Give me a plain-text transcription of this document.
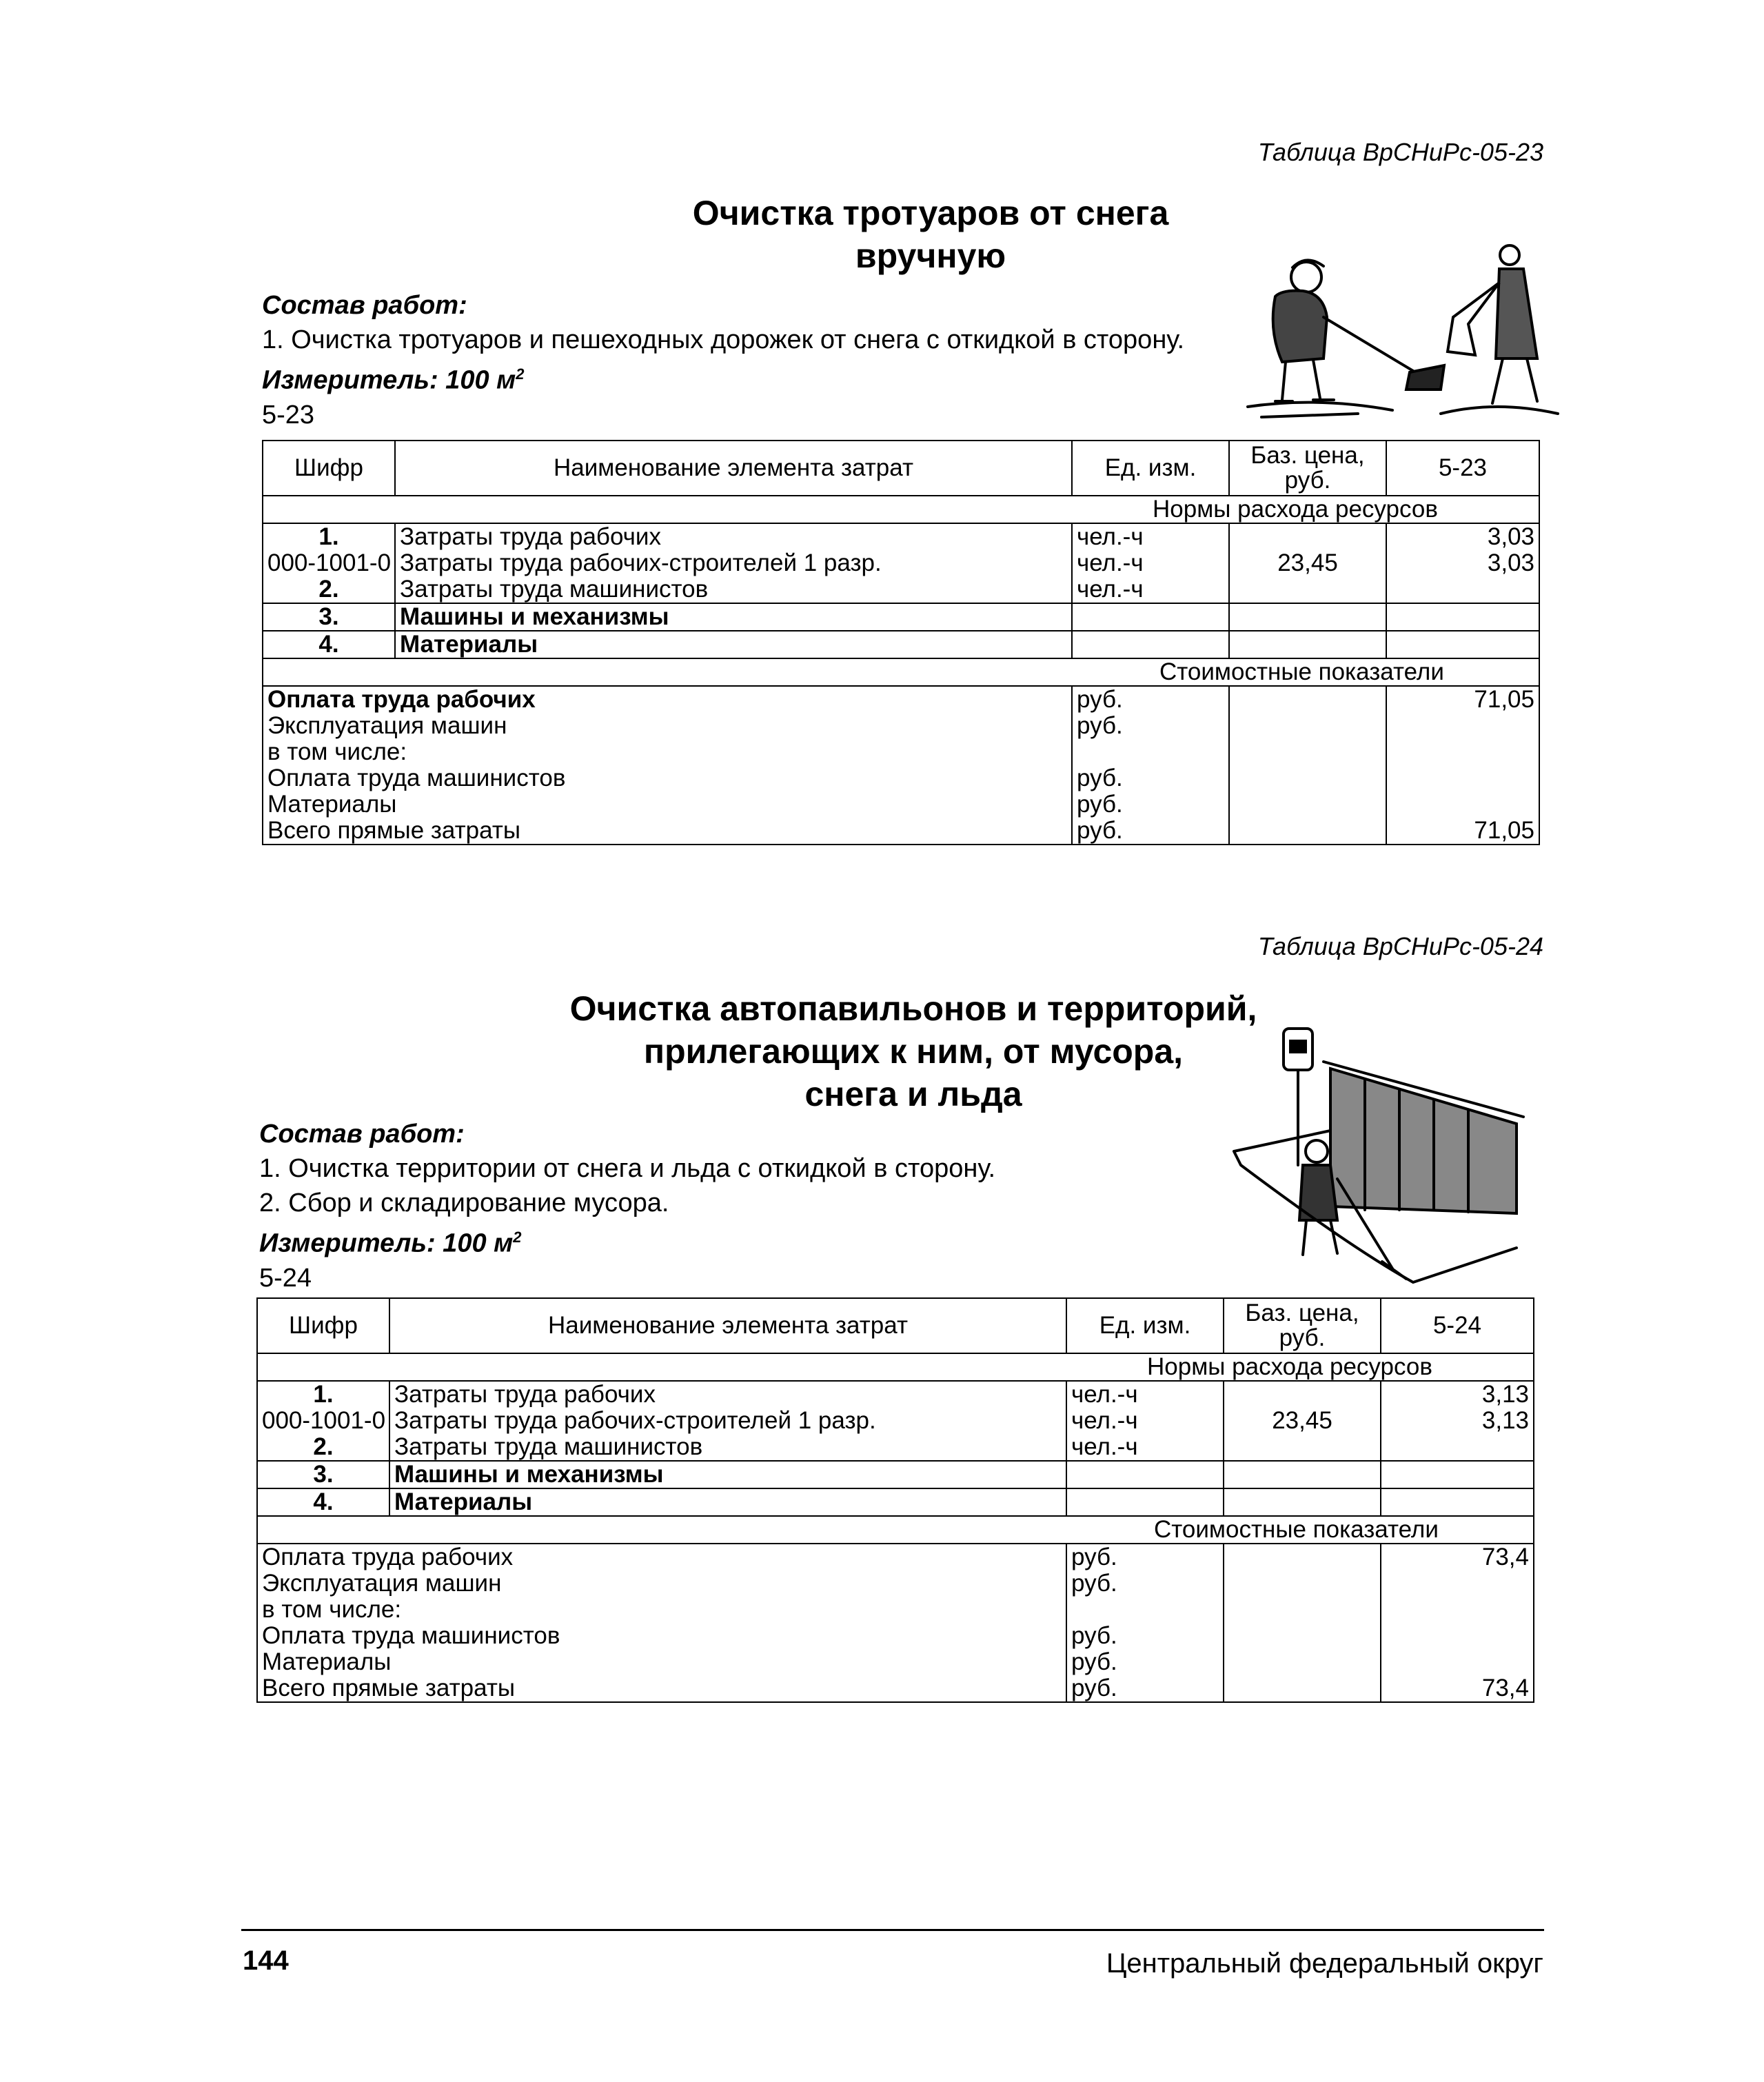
Таблица ВрСНиРс-05-23
Очистка тротуаров от снега
вручную
Состав работ:
1. Очистка тротуаров и пешеходных дорожек от снега с откидкой в сторону.
Измеритель: 100 $м^2$
5-23
Шифр	Наименование элемента затрат	Ед. изм.	Баз. цена, руб.	5-23
Нормы расхода ресурсов				
1.	Затраты труда рабочих	чел.-ч		3,03
000-1001-0	Затраты труда рабочих-строителей 1 разр.	чел.-ч	23,45	3,03
2.	Затраты труда машинистов	чел.-ч		
3.	Машины и механизмы			
4.	Материалы			
Стоимостные показатели				
Оплата труда рабочих		руб.		71,05
Эксплуатация машин		руб.		
в том числе:				
Оплата труда машинистов		руб.		
Материалы		руб.		
Всего прямые затраты		руб.		71,05
Таблица ВрСНиРс-05-24
Очистка автопавильонов и территорий,
прилегающих к ним, от мусора,
снега и льда
Состав работ:
1. Очистка территории от снега и льда с откидкой в сторону.
2. Сбор и складирование мусора.
Измеритель: 100 $м^2$
5-24
Шифр	Наименование элемента затрат	Ед. изм.	Баз. цена, руб.	5-24
Нормы расхода ресурсов				
1.	Затраты труда рабочих	чел.-ч		3,13
000-1001-0	Затраты труда рабочих-строителей 1 разр.	чел.-ч	23,45	3,13
2.	Затраты труда машинистов	чел.-ч		
3.	Машины и механизмы			
4.	Материалы			
Стоимостные показатели				
Оплата труда рабочих		руб.		73,4
Эксплуатация машин		руб.		
в том числе:				
Оплата труда машинистов		руб.		
Материалы		руб.		
Всего прямые затраты		руб.		73,4
144	Центральный федеральный округ
